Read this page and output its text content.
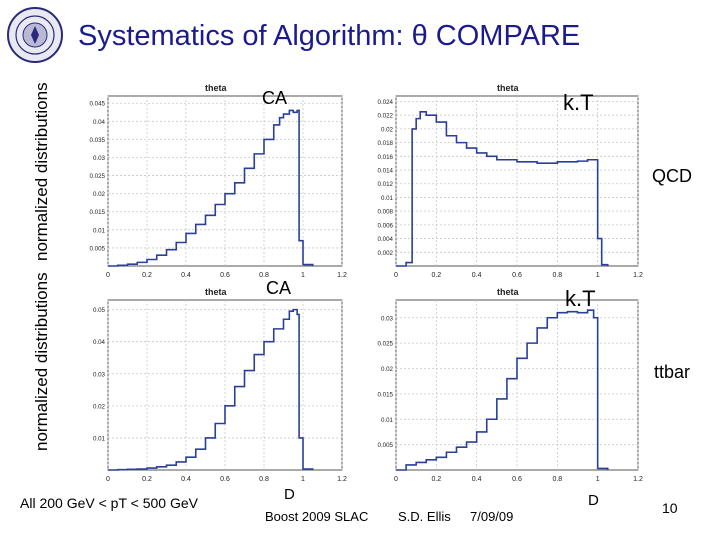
Systematics of Algorithm: θ COMPARE
normalized distributions
normalized distributions
theta
0	0.2	0.4	0.6	0.8	1	1.2
0.005
0.01
0.015
0.02
0.025
0.03
0.035
0.04
0.045
theta
0	0.2	0.4	0.6	0.8	1	1.2
0.002
0.004
0.006
0.008
0.01
0.012
0.014
0.016
0.018
0.02
0.022
0.024
theta
0	0.2	0.4	0.6	0.8	1	1.2
0.01
0.02
0.03
0.04
0.05
theta
0	0.2	0.4	0.6	0.8	1	1.2
0.005
0.01
0.015
0.02
0.025
0.03
CA	k.T
CA	k.T
QCD
ttbar
D	D
All 200 GeV < pT < 500 GeV
Boost 2009 SLAC S.D. Ellis 7/09/09
10
